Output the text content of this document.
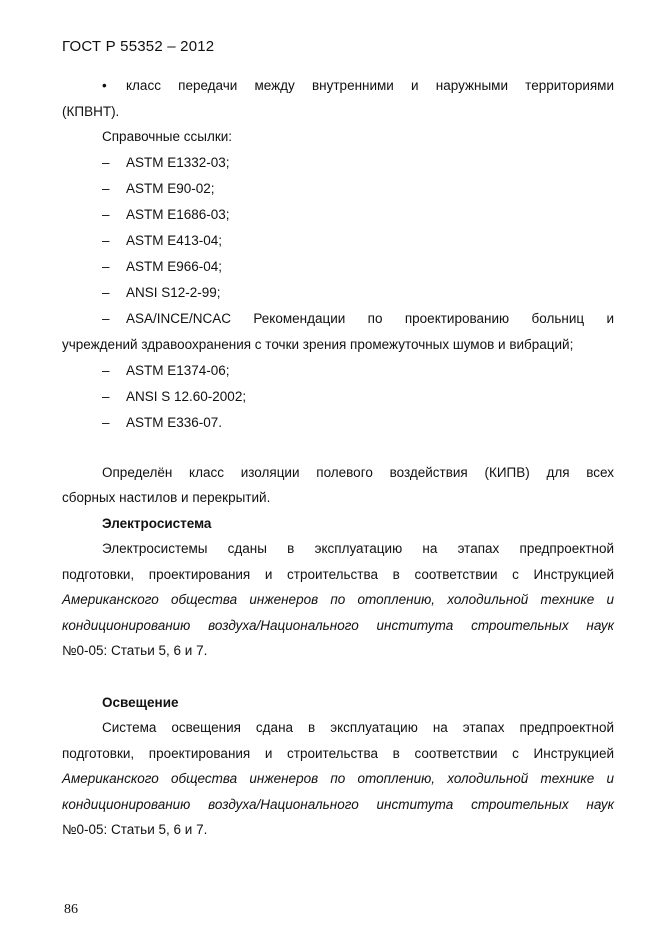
ГОСТ Р 55352 – 2012
•	класс передачи между внутренними и наружными территориями
(КПВНТ).
Справочные ссылки:
–	ASTM E1332-03;
–	ASTM E90-02;
–	ASTM E1686-03;
–	ASTM E413-04;
–	ASTM E966-04;
–	ANSI S12-2-99;
–	ASA/INCE/NCAC Рекомендации по проектированию больниц и
учреждений здравоохранения с точки зрения промежуточных шумов и вибраций;
–	ASTM E1374-06;
–	ANSI S 12.60-2002;
–	ASTM E336-07.
Определён класс изоляции полевого воздействия (КИПВ) для всех
сборных настилов и перекрытий.
Электросистема
Электросистемы сданы в эксплуатацию на этапах предпроектной
подготовки, проектирования и строительства в соответствии с Инструкцией
Американского общества инженеров по отоплению, холодильной технике и
кондиционированию воздуха/Национального института строительных наук
№0-05: Статьи 5, 6 и 7.
Освещение
Система освещения сдана в эксплуатацию на этапах предпроектной
подготовки, проектирования и строительства в соответствии с Инструкцией
Американского общества инженеров по отоплению, холодильной технике и
кондиционированию воздуха/Национального института строительных наук
№0-05: Статьи 5, 6 и 7.
86
